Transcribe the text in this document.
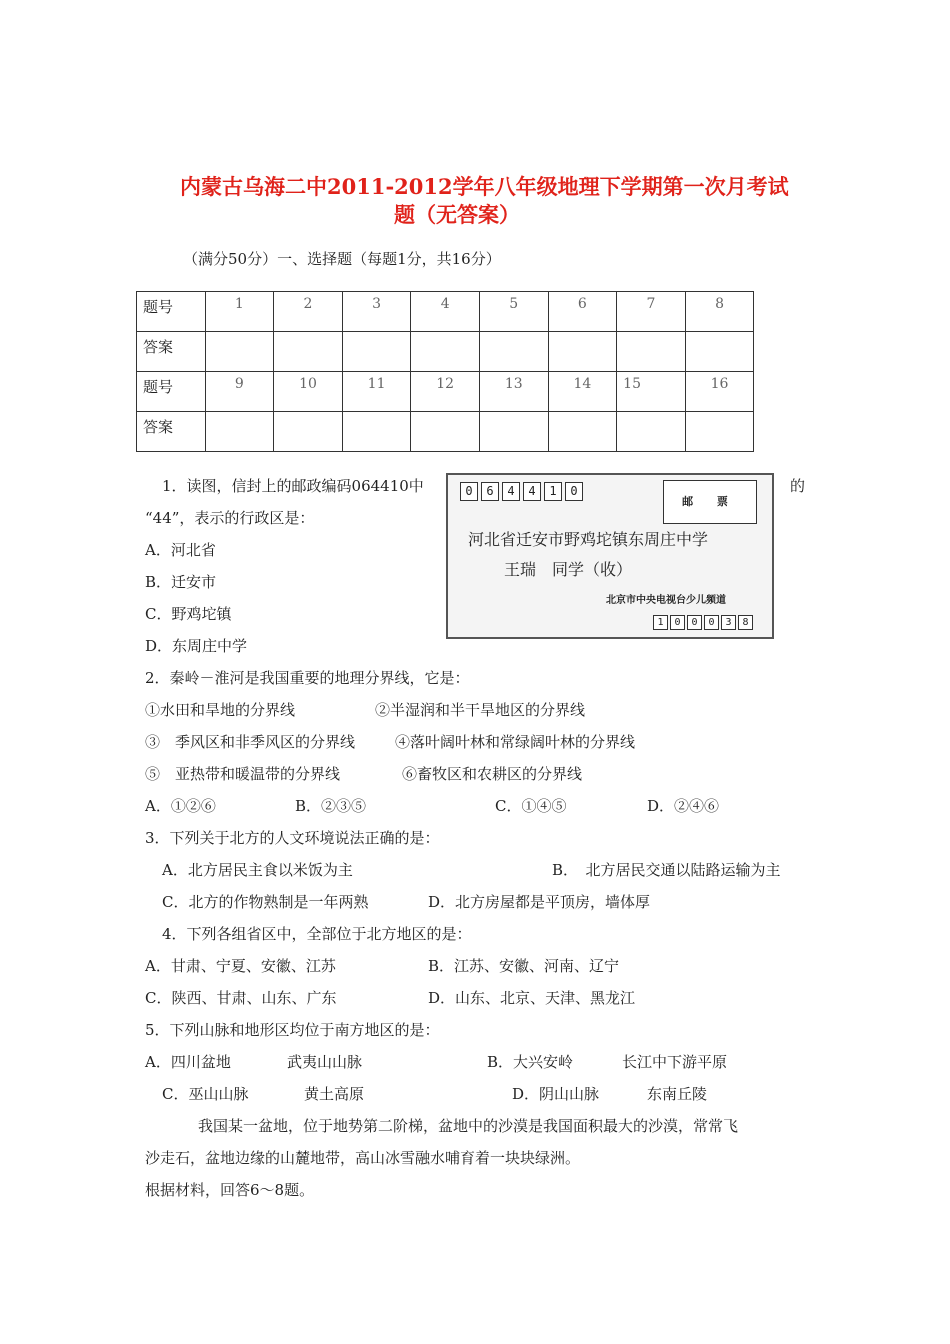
内蒙古乌海二中2011-2012学年八年级地理下学期第一次月考试
题（无答案）
（满分50分）一、选择题（每题1分，共16分）
题号	1	2	3	4	5	6	7	8
答案								
题号	9	10	11	12	13	14	15	16
答案								
1．读图，信封上的邮政编码064410中	的
“44”，表示的行政区是：
A．河北省
B．迁安市
C．野鸡坨镇
D．东周庄中学
0 6 4 4 1 0
邮 票
河北省迁安市野鸡坨镇东周庄中学
王瑞　同学（收）
北京市中央电视台少儿频道
1 0 0 0 3 8
2．秦岭－淮河是我国重要的地理分界线，它是：
①水田和旱地的分界线	②半湿润和半干旱地区的分界线
③　季风区和非季风区的分界线	④落叶阔叶林和常绿阔叶林的分界线
⑤　亚热带和暖温带的分界线	⑥畜牧区和农耕区的分界线
A．①②⑥	B．②③⑤	C．①④⑤	D．②④⑥
3．下列关于北方的人文环境说法正确的是：
A．北方居民主食以米饭为主	B．　北方居民交通以陆路运输为主
C．北方的作物熟制是一年两熟	D．北方房屋都是平顶房，墙体厚
4．下列各组省区中，全部位于北方地区的是：
A．甘肃、宁夏、安徽、江苏	B．江苏、安徽、河南、辽宁
C．陕西、甘肃、山东、广东	D．山东、北京、天津、黑龙江
5．下列山脉和地形区均位于南方地区的是：
A．四川盆地	武夷山山脉	B．大兴安岭	长江中下游平原
C．巫山山脉	黄土高原	D．阴山山脉	东南丘陵
我国某一盆地，位于地势第二阶梯，盆地中的沙漠是我国面积最大的沙漠，常常飞
沙走石，盆地边缘的山麓地带，高山冰雪融水哺育着一块块绿洲。
根据材料，回答6～8题。
